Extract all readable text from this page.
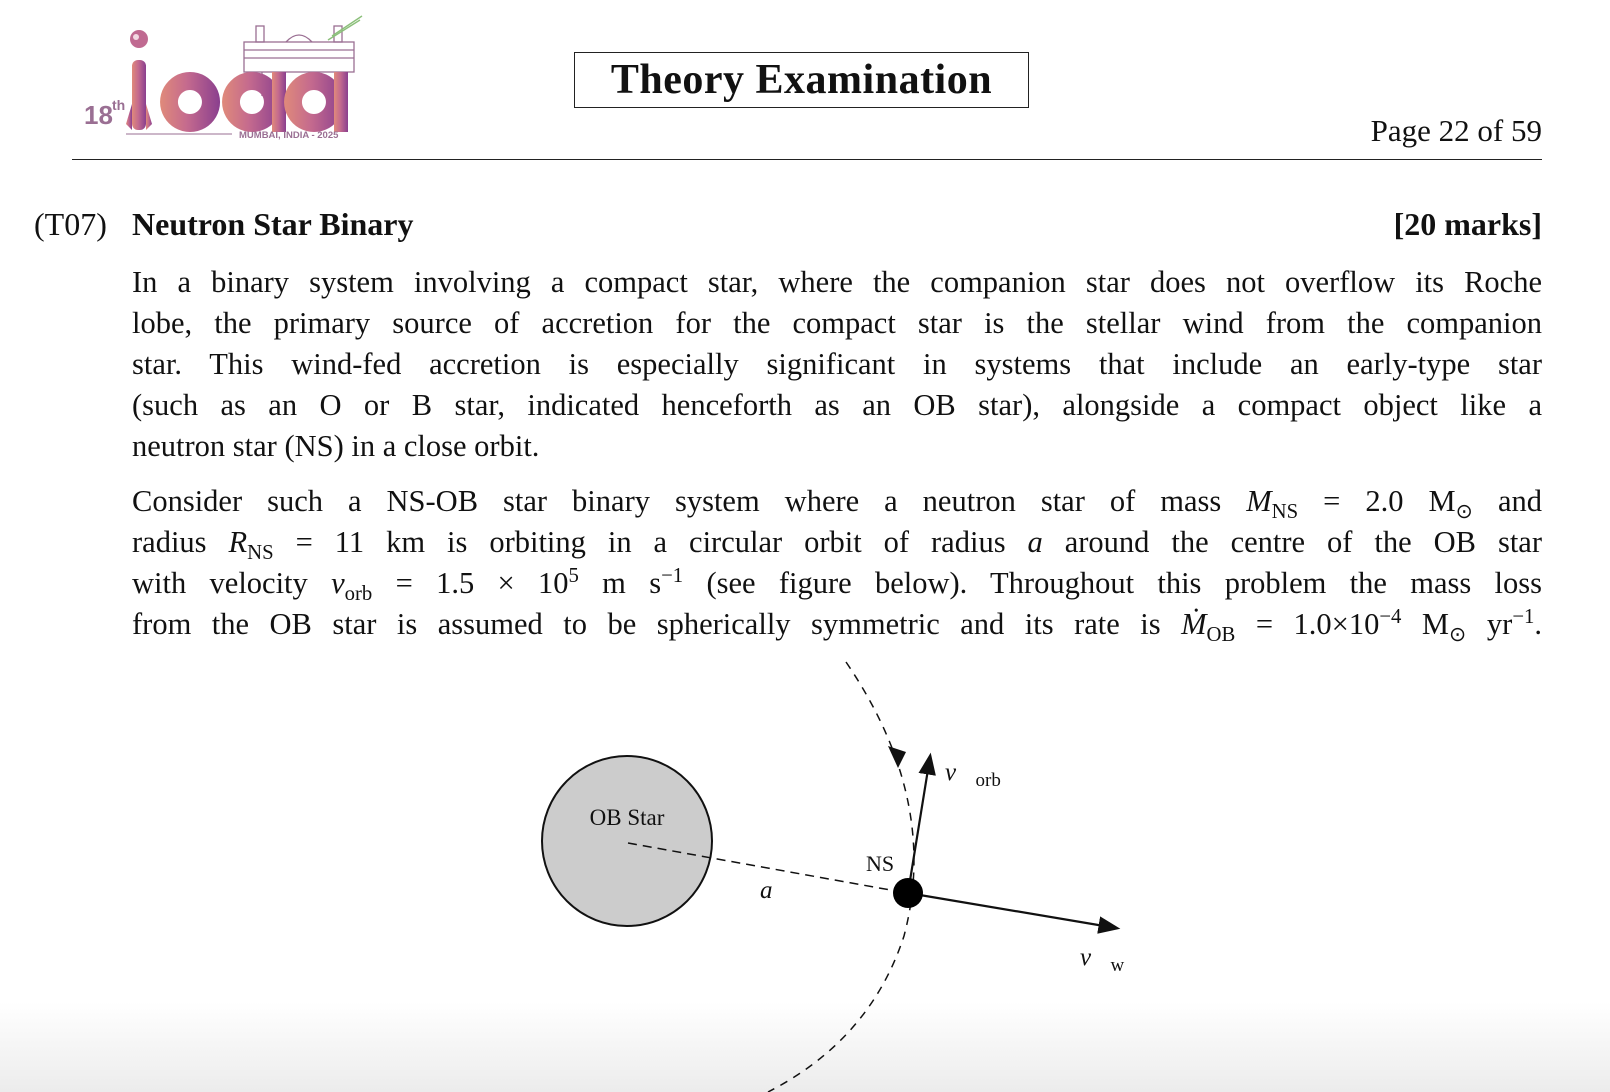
18 th
MUMBAI, INDIA - 2025
Theory Examination
Page 22 of 59
(T07) Neutron Star Binary	[20 marks]
In a binary system involving a compact star, where the companion star does not overflow its Roche
lobe, the primary source of accretion for the compact star is the stellar wind from the companion
star. This wind-fed accretion is especially significant in systems that include an early-type star
(such as an O or B star, indicated henceforth as an OB star), alongside a compact object like a
neutron star (NS) in a close orbit.
Consider such a NS-OB star binary system where a neutron star of mass $M_{NS} = 2.0$ $M_⊙$ and
radius $R_{NS} = 11$ km is orbiting in a circular orbit of radius a around the centre of the OB star
with velocity $v_{orb} = 1.5 \times 10^5$ m $s^{-1}$ (see figure below). Throughout this problem the mass loss
from the OB star is assumed to be spherically symmetric and its rate is Ṁ$_{OB}$ = $1.0\times 10^{-4}$ $M_⊙$ $yr^{-1}$.
OB Star
a
$v⃗_{orb}$
$v⃗_w$
NS
